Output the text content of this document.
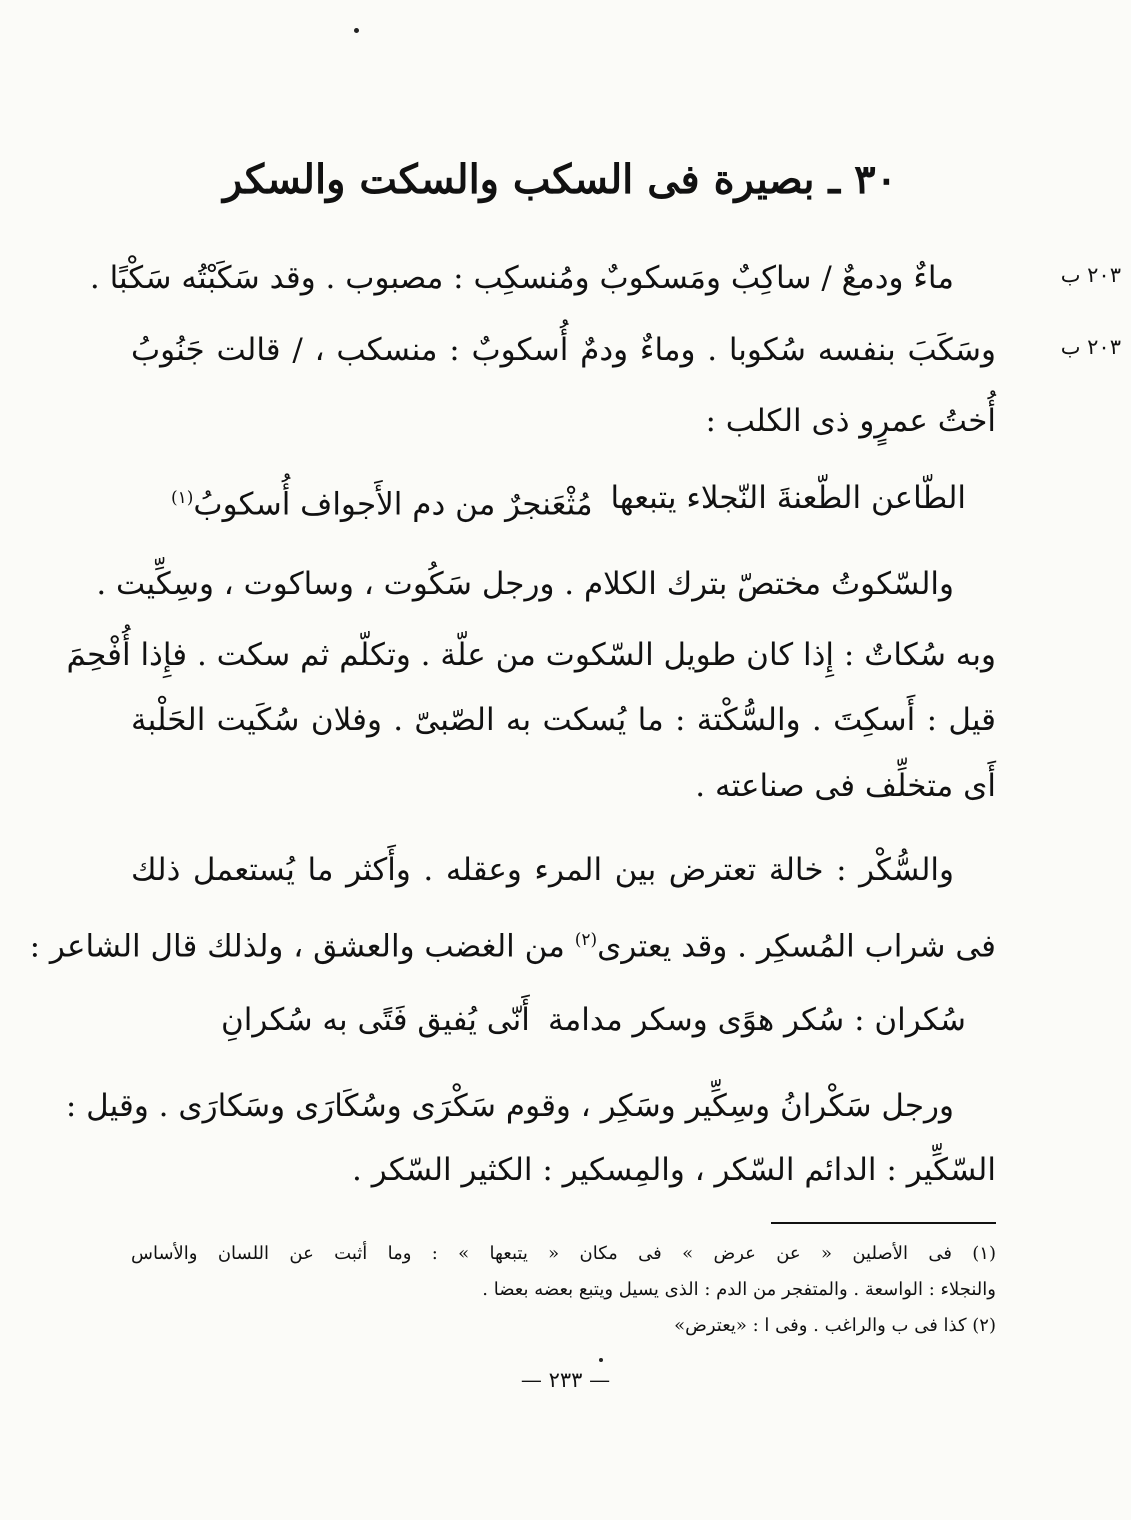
٣٠ ـ بصيرة فى السكب والسكت والسكر
٢٠٣ ب
٢٠٣ ب
ماءٌ ودمعٌ / ساكِبٌ ومَسكوبٌ ومُنسكِب : مصبوب . وقد سَكَبْتُه سَكْبًا .
وسَكَبَ بنفسه سُكوبا . وماءٌ ودمٌ أُسكوبٌ : منسكب ، / قالت جَنُوبُ
أُختُ عمرٍو ذى الكلب :
الطّاعن الطّعنةَ النّجلاء يتبعها
مُثْعَنجرٌ من دم الأَجواف أُسكوبُ$^{(١)}$
والسّكوتُ مختصّ بترك الكلام . ورجل سَكُوت ، وساكوت ، وسِكِّيت .
وبه سُكاتٌ : إِذا كان طويل السّكوت من علّة . وتكلّم ثم سكت . فإِذا أُفْحِمَ
قيل : أَسكِتَ . والسُّكْتة : ما يُسكت به الصّبىّ . وفلان سُكَيت الحَلْبة
أَى متخلِّف فى صناعته .
والسُّكْر : خالة تعترض بين المرء وعقله . وأَكثر ما يُستعمل ذلك
فى شراب المُسكِر . وقد يعترى$^{(٢)}$ من الغضب والعشق ، ولذلك قال الشاعر :
سُكران : سُكر هوًى وسكر مدامة
أَنّى يُفيق فَتًى به سُكرانِ
ورجل سَكْرانُ وسِكِّير وسَكِر ، وقوم سَكْرَى وسُكَارَى وسَكارَى . وقيل :
السّكِّير : الدائم السّكر ، والمِسكير : الكثير السّكر .
(١) فى الأصلين « عن عرض » فى مكان « يتبعها » : وما أثبت عن اللسان والأساس
والنجلاء : الواسعة . والمتفجر من الدم : الذى يسيل ويتبع بعضه بعضا .
(٢) كذا فى ب والراغب . وفى ا : «يعترض»
— ٢٣٣ —
